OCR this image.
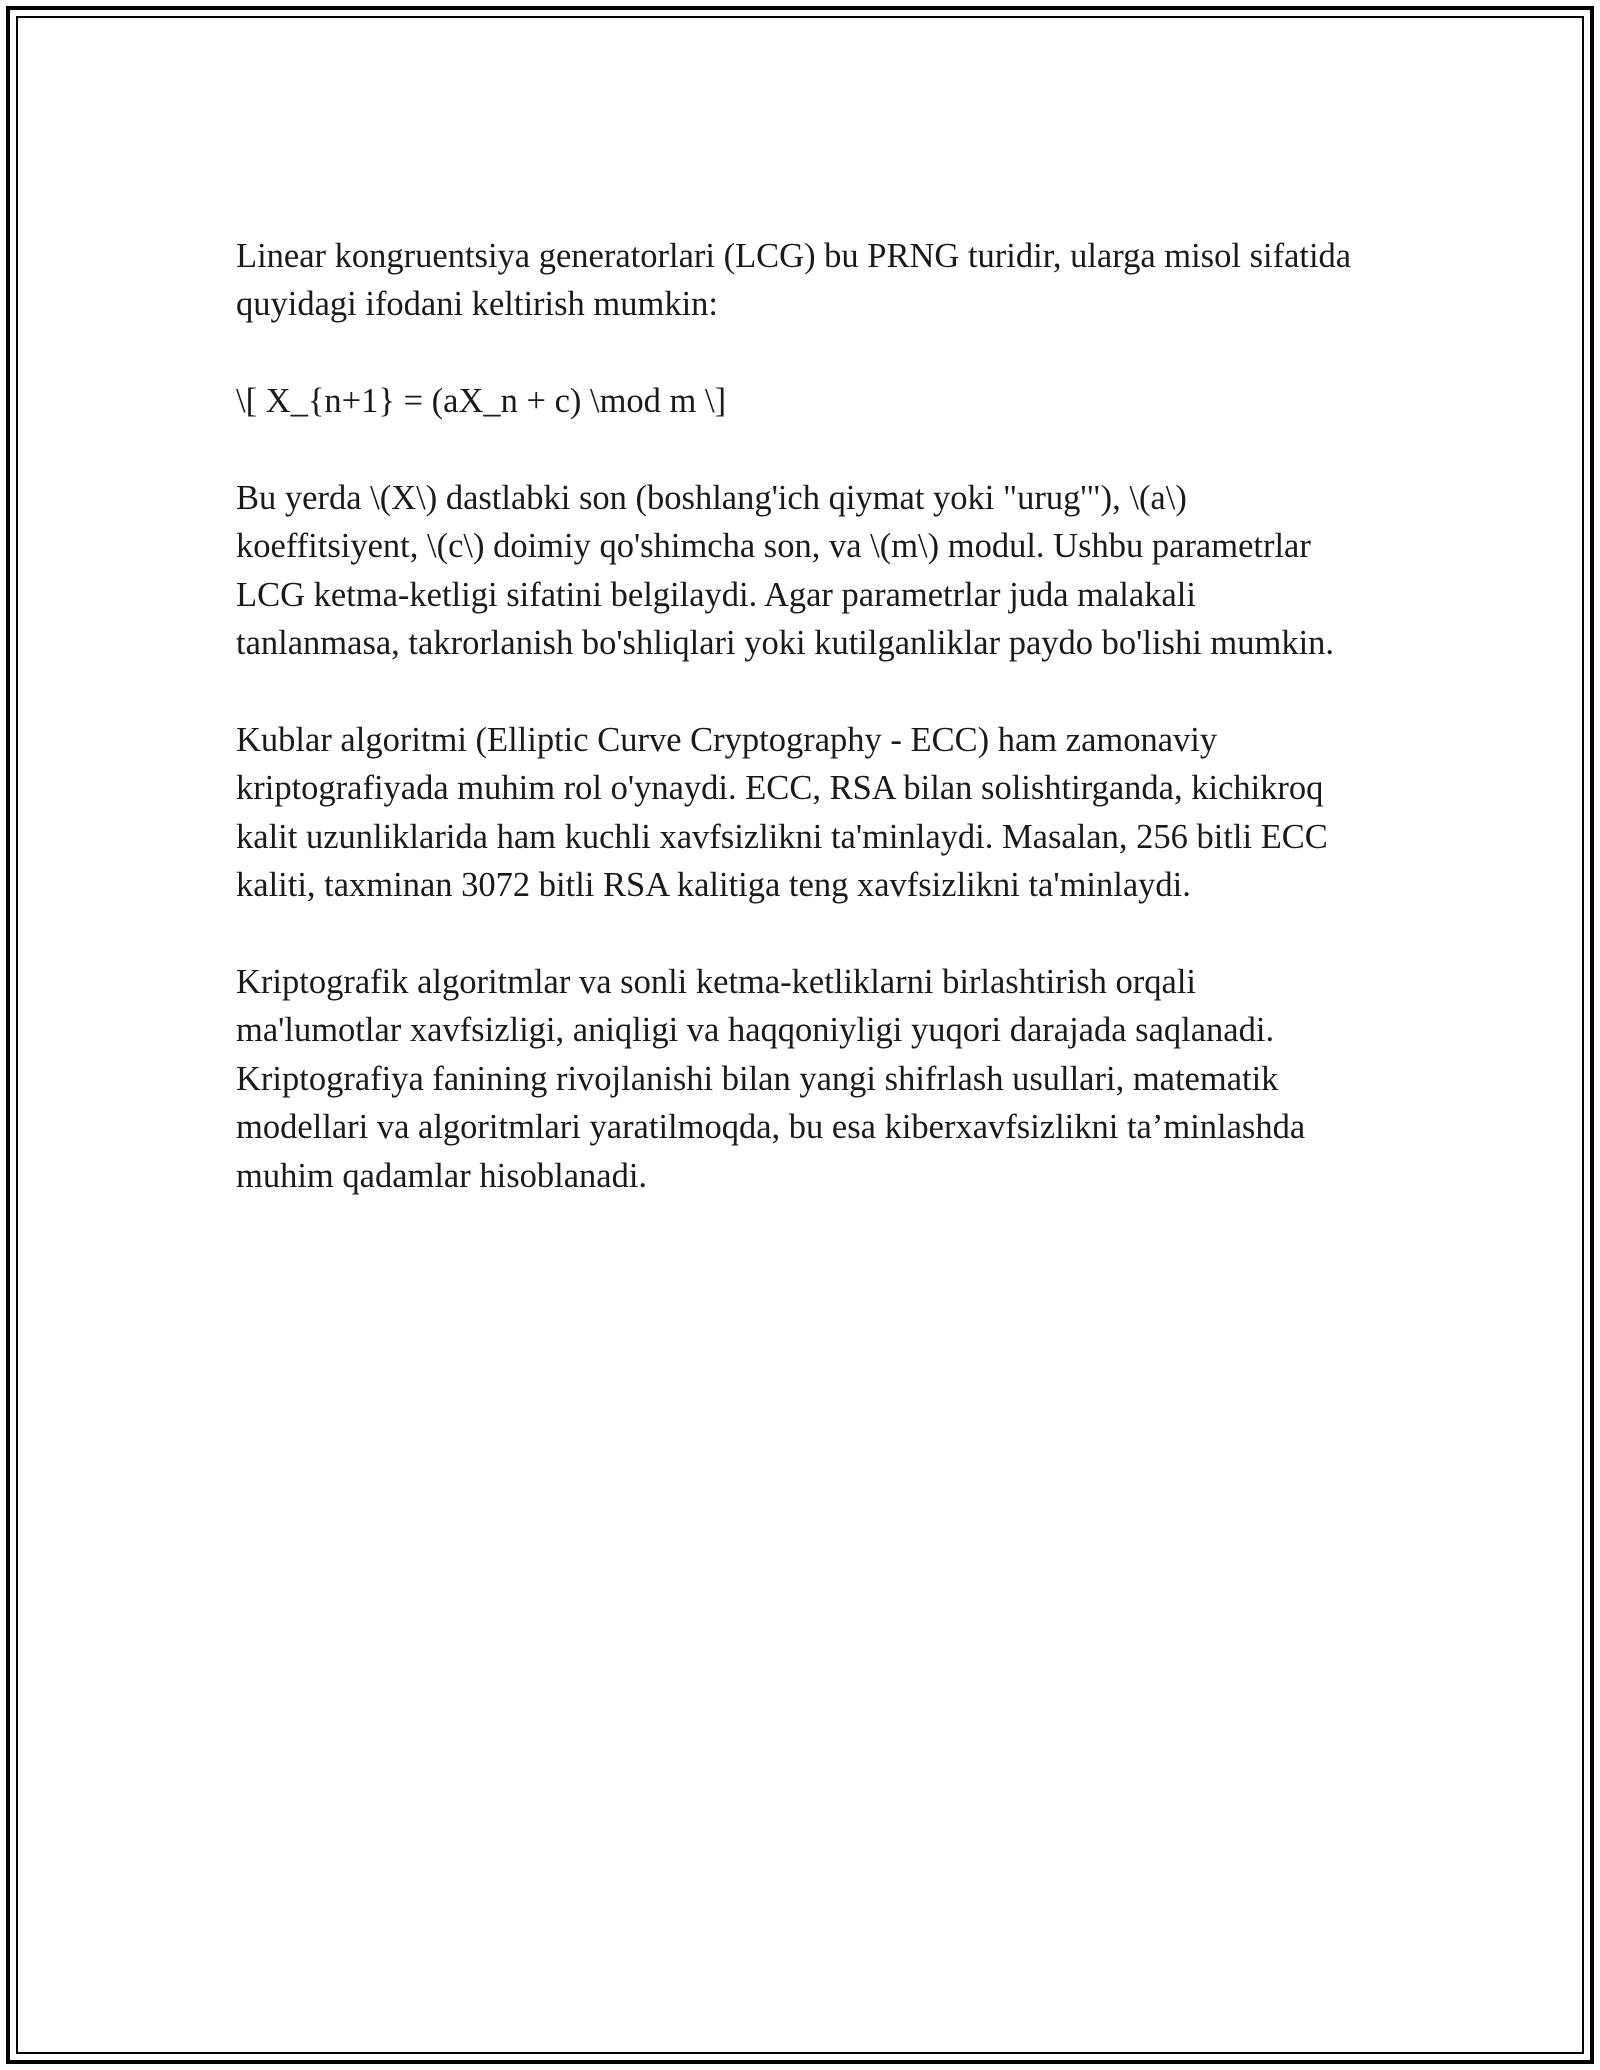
Linear kongruentsiya generatorlari (LCG) bu PRNG turidir, ularga misol sifatida quyidagi ifodani keltirish mumkin:

\[ X_{n+1} = (aX_n + c) \mod m \]

Bu yerda \(X\) dastlabki son (boshlang'ich qiymat yoki "urug'"), \(a\) koeffitsiyent, \(c\) doimiy qo'shimcha son, va \(m\) modul. Ushbu parametrlar LCG ketma-ketligi sifatini belgilaydi. Agar parametrlar juda malakali tanlanmasa, takrorlanish bo'shliqlari yoki kutilganliklar paydo bo'lishi mumkin.

Kublar algoritmi (Elliptic Curve Cryptography - ECC) ham zamonaviy kriptografiyada muhim rol o'ynaydi. ECC, RSA bilan solishtirganda, kichikroq kalit uzunliklarida ham kuchli xavfsizlikni ta'minlaydi. Masalan, 256 bitli ECC kaliti, taxminan 3072 bitli RSA kalitiga teng xavfsizlikni ta'minlaydi.

Kriptografik algoritmlar va sonli ketma-ketliklarni birlashtirish orqali ma'lumotlar xavfsizligi, aniqligi va haqqoniyligi yuqori darajada saqlanadi. Kriptografiya fanining rivojlanishi bilan yangi shifrlash usullari, matematik modellari va algoritmlari yaratilmoqda, bu esa kiberxavfsizlikni ta’minlashda muhim qadamlar hisoblanadi.
